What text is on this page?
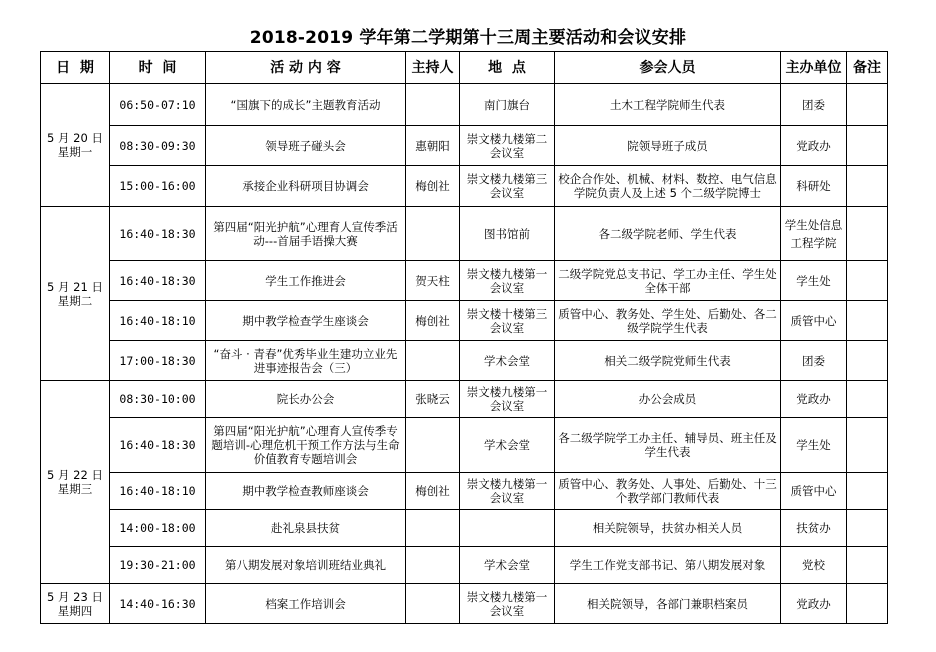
2018-2019 学年第二学期第十三周主要活动和会议安排
日  期	时  间	活 动 内 容	主持人	地  点	参会人员	主办单位	备注

5 月 20 日
星期一	06:50-07:10	“国旗下的成长”主题教育活动		南门旗台	土木工程学院师生代表	团委	
	08:30-09:30	领导班子碰头会	惠朝阳	崇文楼九楼第二会议室	院领导班子成员	党政办	
	15:00-16:00	承接企业科研项目协调会	梅创社	崇文楼九楼第三会议室	校企合作处、机械、材料、数控、电气信息学院负责人及上述 5 个二级学院博士	科研处	

5 月 21 日
星期二	16:40-18:30	第四届“阳光护航”心理育人宣传季活动---首届手语操大赛		图书馆前	各二级学院老师、学生代表	学生处信息工程学院	
	16:40-18:30	学生工作推进会	贺天柱	崇文楼九楼第一会议室	二级学院党总支书记、学工办主任、学生处全体干部	学生处	
	16:40-18:10	期中教学检查学生座谈会	梅创社	崇文楼十楼第三会议室	质管中心、教务处、学生处、后勤处、各二级学院学生代表	质管中心	
	17:00-18:30	“奋斗 · 青春”优秀毕业生建功立业先进事迹报告会（三）		学术会堂	相关二级学院党师生代表	团委	

5 月 22 日
星期三	08:30-10:00	院长办公会	张晓云	崇文楼九楼第一会议室	办公会成员	党政办	
	16:40-18:30	第四届“阳光护航”心理育人宣传季专题培训-心理危机干预工作方法与生命价值教育专题培训会		学术会堂	各二级学院学工办主任、辅导员、班主任及学生代表	学生处	
	16:40-18:10	期中教学检查教师座谈会	梅创社	崇文楼九楼第一会议室	质管中心、教务处、人事处、后勤处、十三个教学部门教师代表	质管中心	
	14:00-18:00	赴礼泉县扶贫			相关院领导，扶贫办相关人员	扶贫办	
	19:30-21:00	第八期发展对象培训班结业典礼		学术会堂	学生工作党支部书记、第八期发展对象	党校	

5 月 23 日
星期四	14:40-16:30	档案工作培训会		崇文楼九楼第一会议室	相关院领导，各部门兼职档案员	党政办	
